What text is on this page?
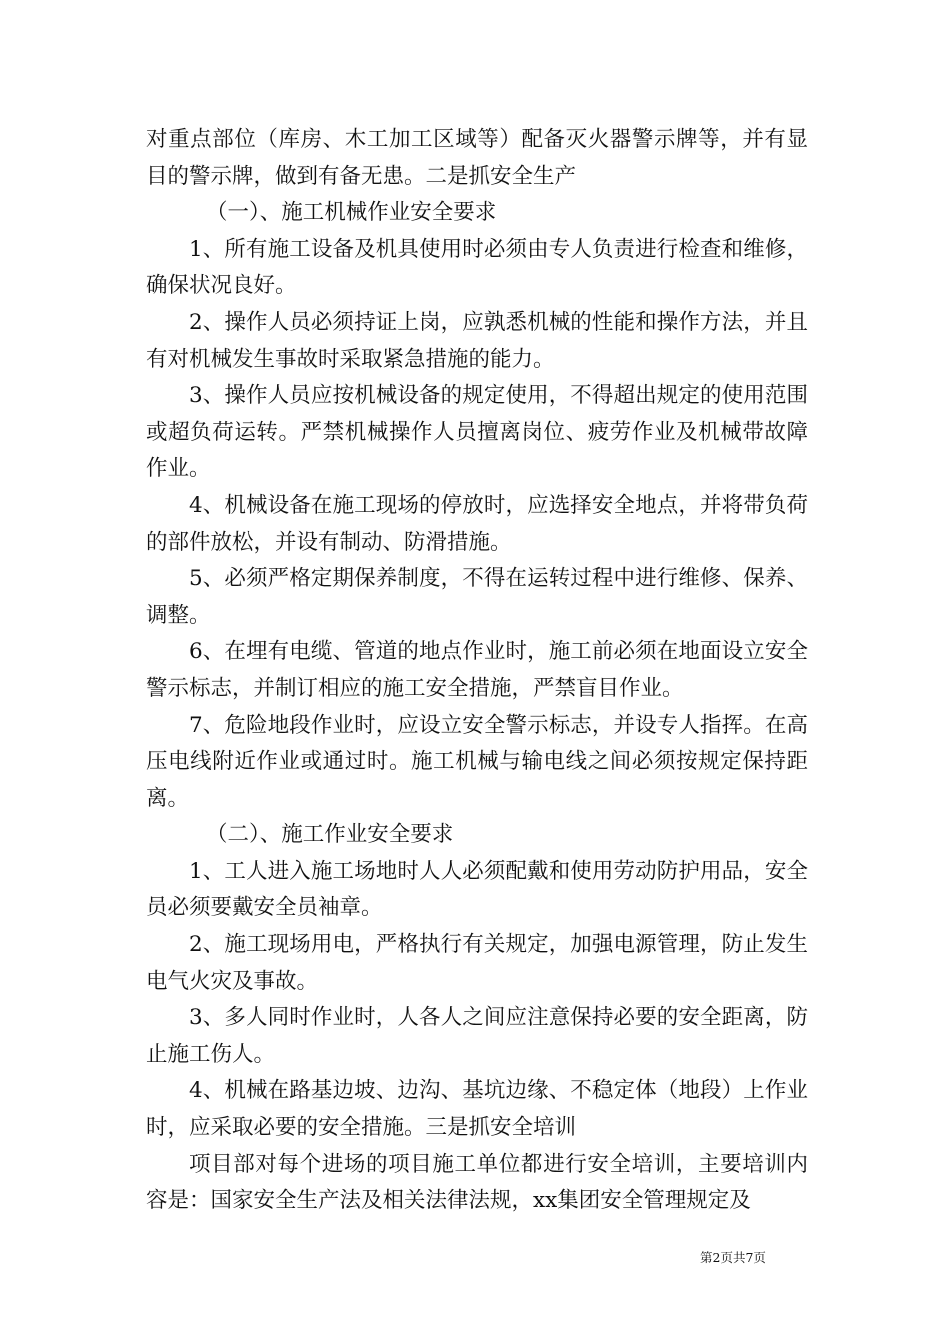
对重点部位（库房、木工加工区域等）配备灭火器警示牌等，并有显目的警示牌，做到有备无患。二是抓安全生产

（一）、施工机械作业安全要求

1、所有施工设备及机具使用时必须由专人负责进行检查和维修，确保状况良好。

2、操作人员必须持证上岗，应孰悉机械的性能和操作方法，并且有对机械发生事故时采取紧急措施的能力。

3、操作人员应按机械设备的规定使用，不得超出规定的使用范围或超负荷运转。严禁机械操作人员擅离岗位、疲劳作业及机械带故障作业。

4、机械设备在施工现场的停放时，应选择安全地点，并将带负荷的部件放松，并设有制动、防滑措施。

5、必须严格定期保养制度，不得在运转过程中进行维修、保养、调整。

6、在埋有电缆、管道的地点作业时，施工前必须在地面设立安全警示标志，并制订相应的施工安全措施，严禁盲目作业。

7、危险地段作业时，应设立安全警示标志，并设专人指挥。在高压电线附近作业或通过时。施工机械与输电线之间必须按规定保持距离。

（二）、施工作业安全要求

1、工人进入施工场地时人人必须配戴和使用劳动防护用品，安全员必须要戴安全员袖章。

2、施工现场用电，严格执行有关规定，加强电源管理，防止发生电气火灾及事故。

3、多人同时作业时，人各人之间应注意保持必要的安全距离，防止施工伤人。

4、机械在路基边坡、边沟、基坑边缘、不稳定体（地段）上作业时，应采取必要的安全措施。三是抓安全培训

项目部对每个进场的项目施工单位都进行安全培训，主要培训内容是：国家安全生产法及相关法律法规，xx集团安全管理规定及

第2页共7页
